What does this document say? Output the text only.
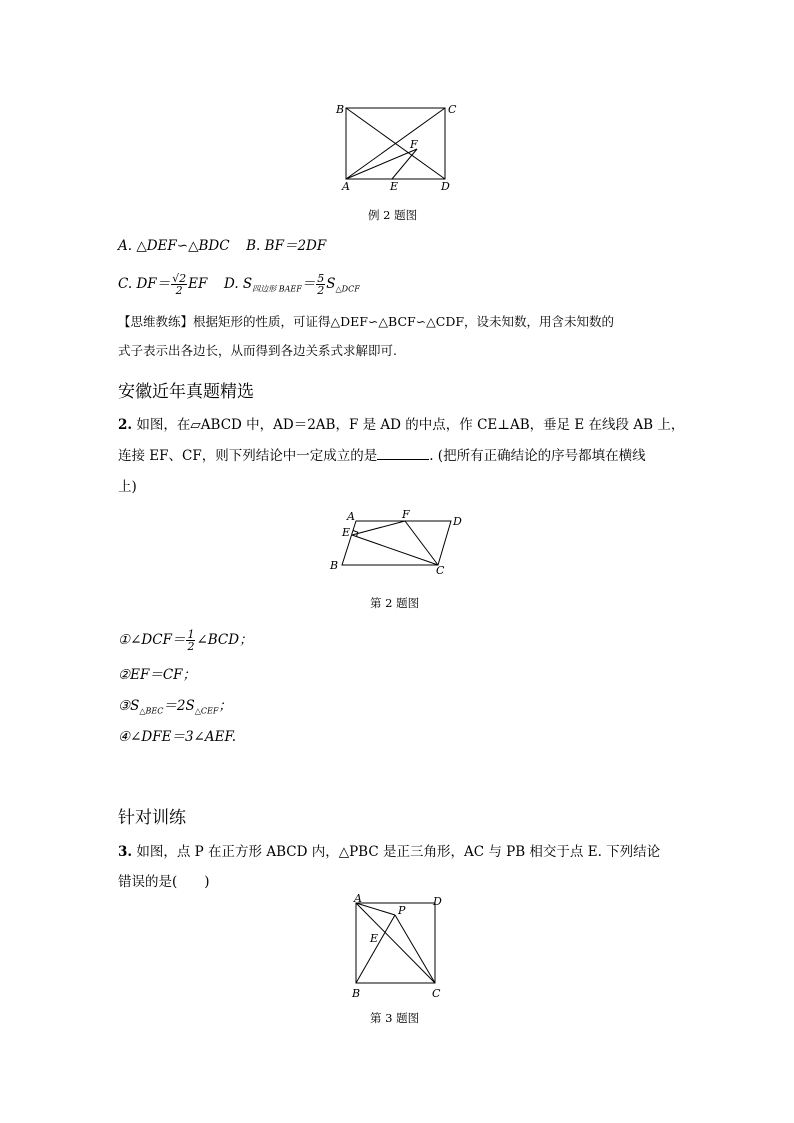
B	C
F
A	E	D
例 2 题图
A. △DEF∽△BDC B. BF＝2DF
C. $DF= \frac{√2}{2}$ EF D. $S_{四边形 BAEF}= \frac{5}{2} S_{\triangle DCF}$
【思维教练】根据矩形的性质，可证得△DEF∽△BCF∽△CDF，设未知数，用含未知数的
式子表示出各边长，从而得到各边关系式求解即可.
安徽近年真题精选
2. 如图，在▱ABCD 中，AD＝2AB，F 是 AD 的中点，作 CE⊥AB，垂足 E 在线段 AB 上，
连接 EF、CF，则下列结论中一定成立的是	. (把所有正确结论的序号都填在横线
上)
A	F
D
E
B	C
第 2 题图
①∠DCF＝ $\frac{1}{2}$ ∠BCD；
②EF＝CF；
$③S_{\triangle BEC}=2S_{\triangle CEF}$；
④∠DFE＝3∠AEF.
针对训练
3. 如图，点 P 在正方形 ABCD 内，△PBC 是正三角形，AC 与 PB 相交于点 E. 下列结论
错误的是(　　)
A	D
P
E
B	C
第 3 题图
